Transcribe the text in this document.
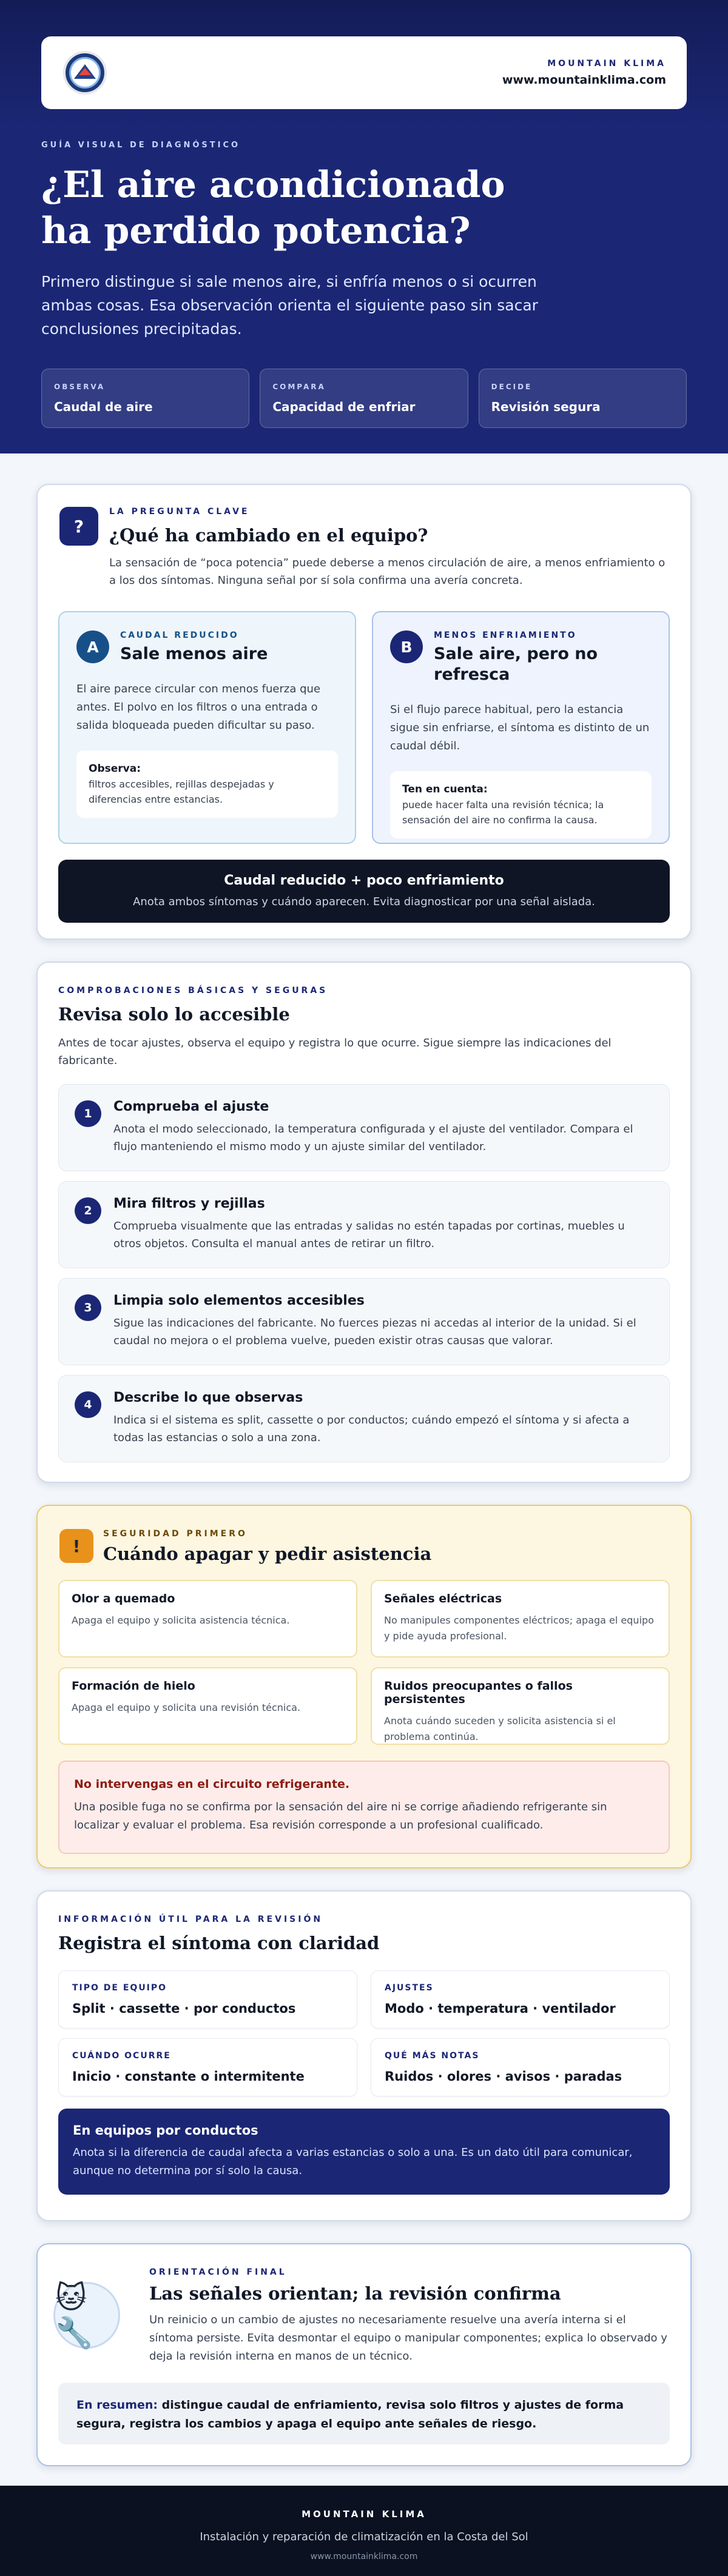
MOUNTAIN KLIMA
www.mountainklima.com
GUÍA VISUAL DE DIAGNÓSTICO
¿El aire acondicionado
ha perdido potencia?

Primero distingue si sale menos aire, si enfría menos o si ocurren ambas cosas. Esa observación orienta el siguiente paso sin sacar conclusiones precipitadas.

OBSERVA
Caudal de aire
COMPARA
Capacidad de enfriar
DECIDE
Revisión segura
?
LA PREGUNTA CLAVE
¿Qué ha cambiado en el equipo?

La sensación de “poca potencia” puede deberse a menos circulación de aire, a menos enfriamiento o a los dos síntomas. Ninguna señal por sí sola confirma una avería concreta.

A
CAUDAL REDUCIDO
Sale menos aire

El aire parece circular con menos fuerza que antes. El polvo en los filtros o una entrada o salida bloqueada pueden dificultar su paso.

Observa:
filtros accesibles, rejillas despejadas y diferencias entre estancias.
B
MENOS ENFRIAMIENTO
Sale aire, pero no refresca

Si el flujo parece habitual, pero la estancia sigue sin enfriarse, el síntoma es distinto de un caudal débil.

Ten en cuenta:
puede hacer falta una revisión técnica; la sensación del aire no confirma la causa.
Caudal reducido + poco enfriamiento
Anota ambos síntomas y cuándo aparecen. Evita diagnosticar por una señal aislada.
COMPROBACIONES BÁSICAS Y SEGURAS
Revisa solo lo accesible

Antes de tocar ajustes, observa el equipo y registra lo que ocurre. Sigue siempre las indicaciones del fabricante.

1	Comprueba el ajuste
Anota el modo seleccionado, la temperatura configurada y el ajuste del ventilador. Compara el flujo manteniendo el mismo modo y un ajuste similar del ventilador.
2	Mira filtros y rejillas
Comprueba visualmente que las entradas y salidas no estén tapadas por cortinas, muebles u otros objetos. Consulta el manual antes de retirar un filtro.
3	Limpia solo elementos accesibles
Sigue las indicaciones del fabricante. No fuerces piezas ni accedas al interior de la unidad. Si el caudal no mejora o el problema vuelve, pueden existir otras causas que valorar.
4	Describe lo que observas
Indica si el sistema es split, cassette o por conductos; cuándo empezó el síntoma y si afecta a todas las estancias o solo a una zona.
!
SEGURIDAD PRIMERO
Cuándo apagar y pedir asistencia
Olor a quemado
Apaga el equipo y solicita asistencia técnica.
Señales eléctricas
No manipules componentes eléctricos; apaga el equipo y pide ayuda profesional.
Formación de hielo
Apaga el equipo y solicita una revisión técnica.
Ruidos preocupantes o fallos persistentes
Anota cuándo suceden y solicita asistencia si el problema continúa.
No intervengas en el circuito refrigerante.
Una posible fuga no se confirma por la sensación del aire ni se corrige añadiendo refrigerante sin localizar y evaluar el problema. Esa revisión corresponde a un profesional cualificado.
INFORMACIÓN ÚTIL PARA LA REVISIÓN
Registra el síntoma con claridad
TIPO DE EQUIPO
Split · cassette · por conductos
AJUSTES
Modo · temperatura · ventilador
CUÁNDO OCURRE
Inicio · constante o intermitente
QUÉ MÁS NOTAS
Ruidos · olores · avisos · paradas
En equipos por conductos
Anota si la diferencia de caudal afecta a varias estancias o solo a una. Es un dato útil para comunicar, aunque no determina por sí solo la causa.
🐱🔧
ORIENTACIÓN FINAL
Las señales orientan; la revisión confirma

Un reinicio o un cambio de ajustes no necesariamente resuelve una avería interna si el síntoma persiste. Evita desmontar el equipo o manipular componentes; explica lo observado y deja la revisión interna en manos de un técnico.

En resumen: distingue caudal de enfriamiento, revisa solo filtros y ajustes de forma segura, registra los cambios y apaga el equipo ante señales de riesgo.
MOUNTAIN KLIMA
Instalación y reparación de climatización en la Costa del Sol
www.mountainklima.com
